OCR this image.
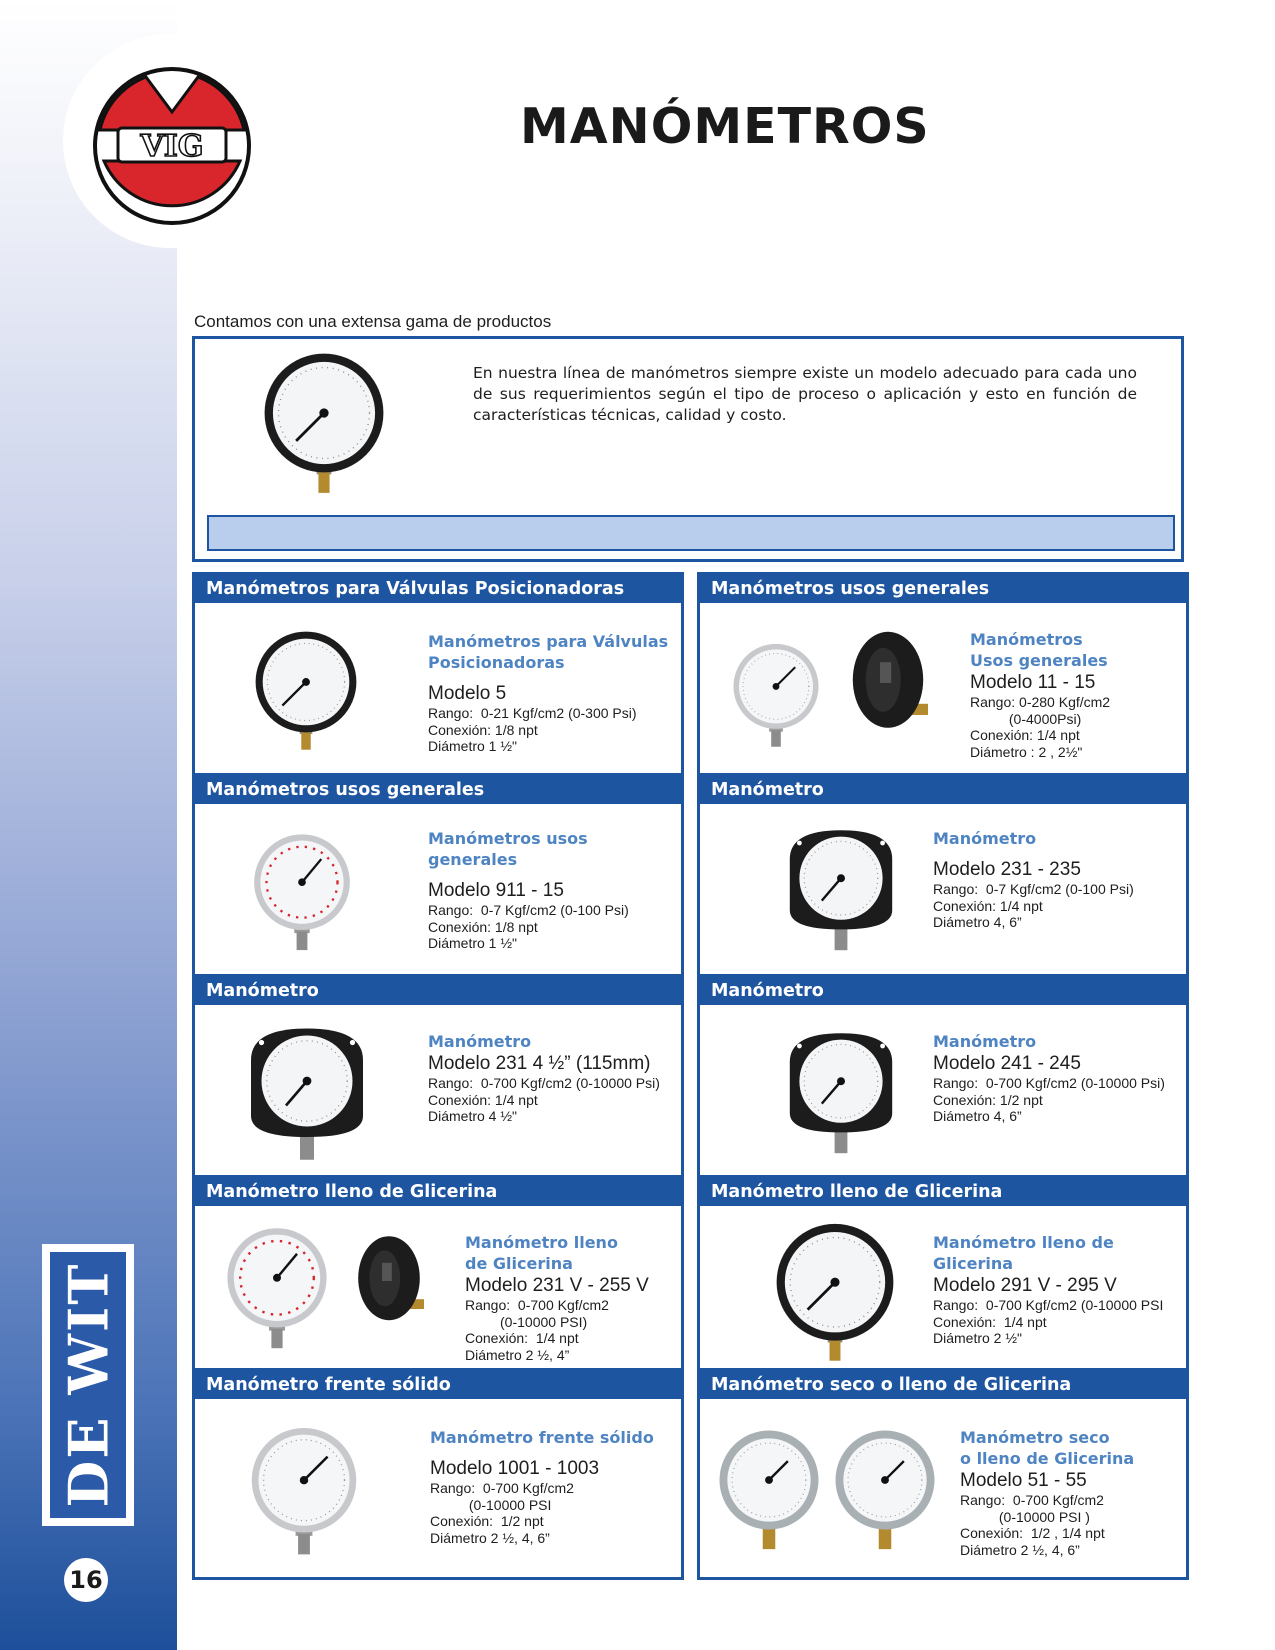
VIG	MANÓMETROS
DE WIT
16

Contamos con una extensa gama de productos

En nuestra línea de manómetros siempre existe un modelo adecuado para cada uno de sus requerimientos según el tipo de proceso o aplicación y esto en función de características técnicas, calidad y costo.

Manómetros para Válvulas Posicionadoras
Manómetros para Válvulas
Posicionadoras
Modelo 5
Rango:  0-21 Kgf/cm2 (0-300 Psi)
Conexión: 1/8 npt
Diámetro 1 ½"
Manómetros usos generales
Manómetros
Usos generales
Modelo 11 - 15
Rango: 0-280 Kgf/cm2
(0-4000Psi)
Conexión: 1/4 npt
Diámetro : 2 , 2½"
Manómetros usos generales
Manómetros usos generales
Modelo 911 - 15
Rango:  0-7 Kgf/cm2 (0-100 Psi)
Conexión: 1/8 npt
Diámetro 1 ½"
Manómetro
Manómetro
Modelo 231 - 235
Rango:  0-7 Kgf/cm2 (0-100 Psi)
Conexión: 1/4 npt
Diámetro 4, 6”
Manómetro
Manómetro
Modelo 231 4 ½” (115mm)
Rango:  0-700 Kgf/cm2 (0-10000 Psi)
Conexión: 1/4 npt
Diámetro 4 ½"
Manómetro
Manómetro
Modelo 241 - 245
Rango:  0-700 Kgf/cm2 (0-10000 Psi)
Conexión: 1/2 npt
Diámetro 4, 6”
Manómetro lleno de Glicerina
Manómetro lleno
de Glicerina
Modelo 231 V - 255 V
Rango:  0-700 Kgf/cm2
(0-10000 PSI)
Conexión:  1/4 npt
Diámetro 2 ½, 4”
Manómetro lleno de Glicerina
Manómetro lleno de Glicerina
Modelo 291 V - 295 V
Rango:  0-700 Kgf/cm2 (0-10000 PSI
Conexión:  1/4 npt
Diámetro 2 ½"
Manómetro frente sólido
Manómetro frente sólido
Modelo 1001 - 1003
Rango:  0-700 Kgf/cm2
(0-10000 PSI
Conexión:  1/2 npt
Diámetro 2 ½, 4, 6”
Manómetro seco o lleno de Glicerina
Manómetro seco
o lleno de Glicerina
Modelo 51 - 55
Rango:  0-700 Kgf/cm2
(0-10000 PSI )
Conexión:  1/2 , 1/4 npt
Diámetro 2 ½, 4, 6”
